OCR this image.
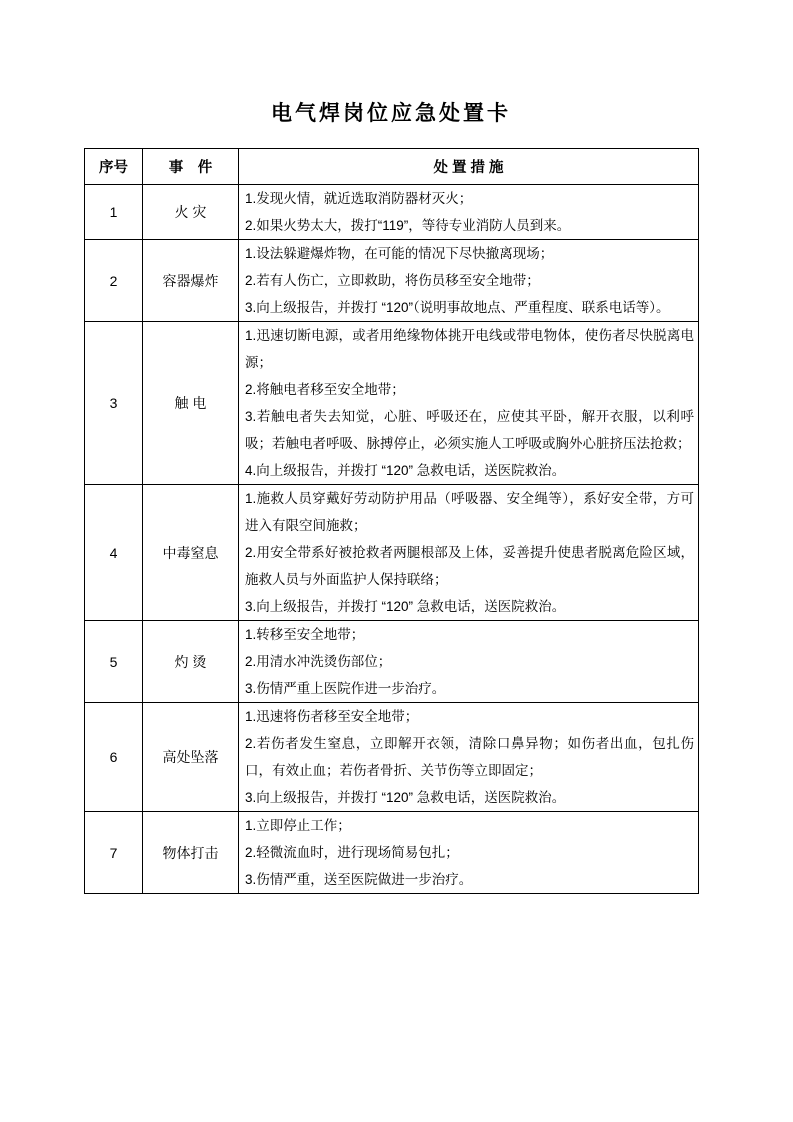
电气焊岗位应急处置卡
序号	事　件	处 置 措 施
1	火 灾	1.发现火情，就近选取消防器材灭火；
2.如果火势太大，拨打“119”，等待专业消防人员到来。

2	容器爆炸	1.设法躲避爆炸物，在可能的情况下尽快撤离现场；
2.若有人伤亡，立即救助，将伤员移至安全地带；
3.向上级报告，并拨打 “120”（说明事故地点、严重程度、联系电话等）。

3	触 电	1.迅速切断电源，或者用绝缘物体挑开电线或带电物体，使伤者尽快脱离电源；
2.将触电者移至安全地带；
3.若触电者失去知觉，心脏、呼吸还在，应使其平卧，解开衣服，以利呼吸；若触电者呼吸、脉搏停止，必须实施人工呼吸或胸外心脏挤压法抢救；
4.向上级报告，并拨打 “120” 急救电话，送医院救治。

4	中毒窒息	1.施救人员穿戴好劳动防护用品（呼吸器、安全绳等），系好安全带，方可进入有限空间施救；
2.用安全带系好被抢救者两腿根部及上体，妥善提升使患者脱离危险区域，施救人员与外面监护人保持联络；
3.向上级报告，并拨打 “120” 急救电话，送医院救治。

5	灼 烫	1.转移至安全地带；
2.用清水冲洗烫伤部位；
3.伤情严重上医院作进一步治疗。

6	高处坠落	1.迅速将伤者移至安全地带；
2.若伤者发生窒息，立即解开衣领，清除口鼻异物；如伤者出血，包扎伤口，有效止血；若伤者骨折、关节伤等立即固定；
3.向上级报告，并拨打 “120” 急救电话，送医院救治。

7	物体打击	1.立即停止工作；
2.轻微流血时，进行现场简易包扎；
3.伤情严重，送至医院做进一步治疗。
